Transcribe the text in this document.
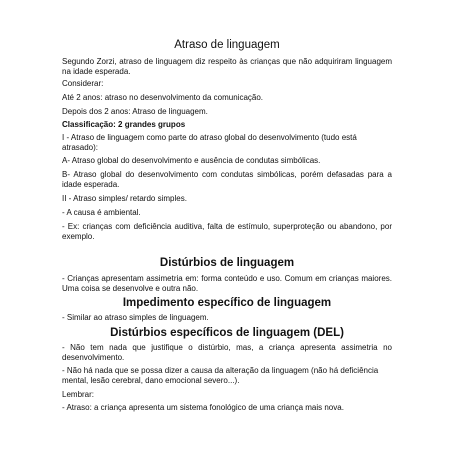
Atraso de linguagem

Segundo Zorzi, atraso de linguagem diz respeito às crianças que não adquiriram linguagem na idade esperada.

Considerar:

Até 2 anos: atraso no desenvolvimento da comunicação.

Depois dos 2 anos: Atraso de linguagem.

Classificação: 2 grandes grupos

I - Atraso de linguagem como parte do atraso global do desenvolvimento (tudo está atrasado):

A- Atraso global do desenvolvimento e ausência de condutas simbólicas.

B- Atraso global do desenvolvimento com condutas simbólicas, porém defasadas para a idade esperada.

II - Atraso simples/ retardo simples.

- A causa é ambiental.

- Ex: crianças com deficiência auditiva, falta de estímulo, superproteção ou abandono, por exemplo.

Distúrbios de linguagem

- Crianças apresentam assimetria em: forma conteúdo e uso. Comum em crianças maiores. Uma coisa se desenvolve e outra não.

Impedimento específico de linguagem

- Similar ao atraso simples de linguagem.

Distúrbios específicos de linguagem (DEL)

- Não tem nada que justifique o distúrbio, mas, a criança apresenta assimetria no desenvolvimento.

- Não há nada que se possa dizer a causa da alteração da linguagem (não há deficiência mental, lesão cerebral, dano emocional severo...).

Lembrar:

- Atraso: a criança apresenta um sistema fonológico de uma criança mais nova.
